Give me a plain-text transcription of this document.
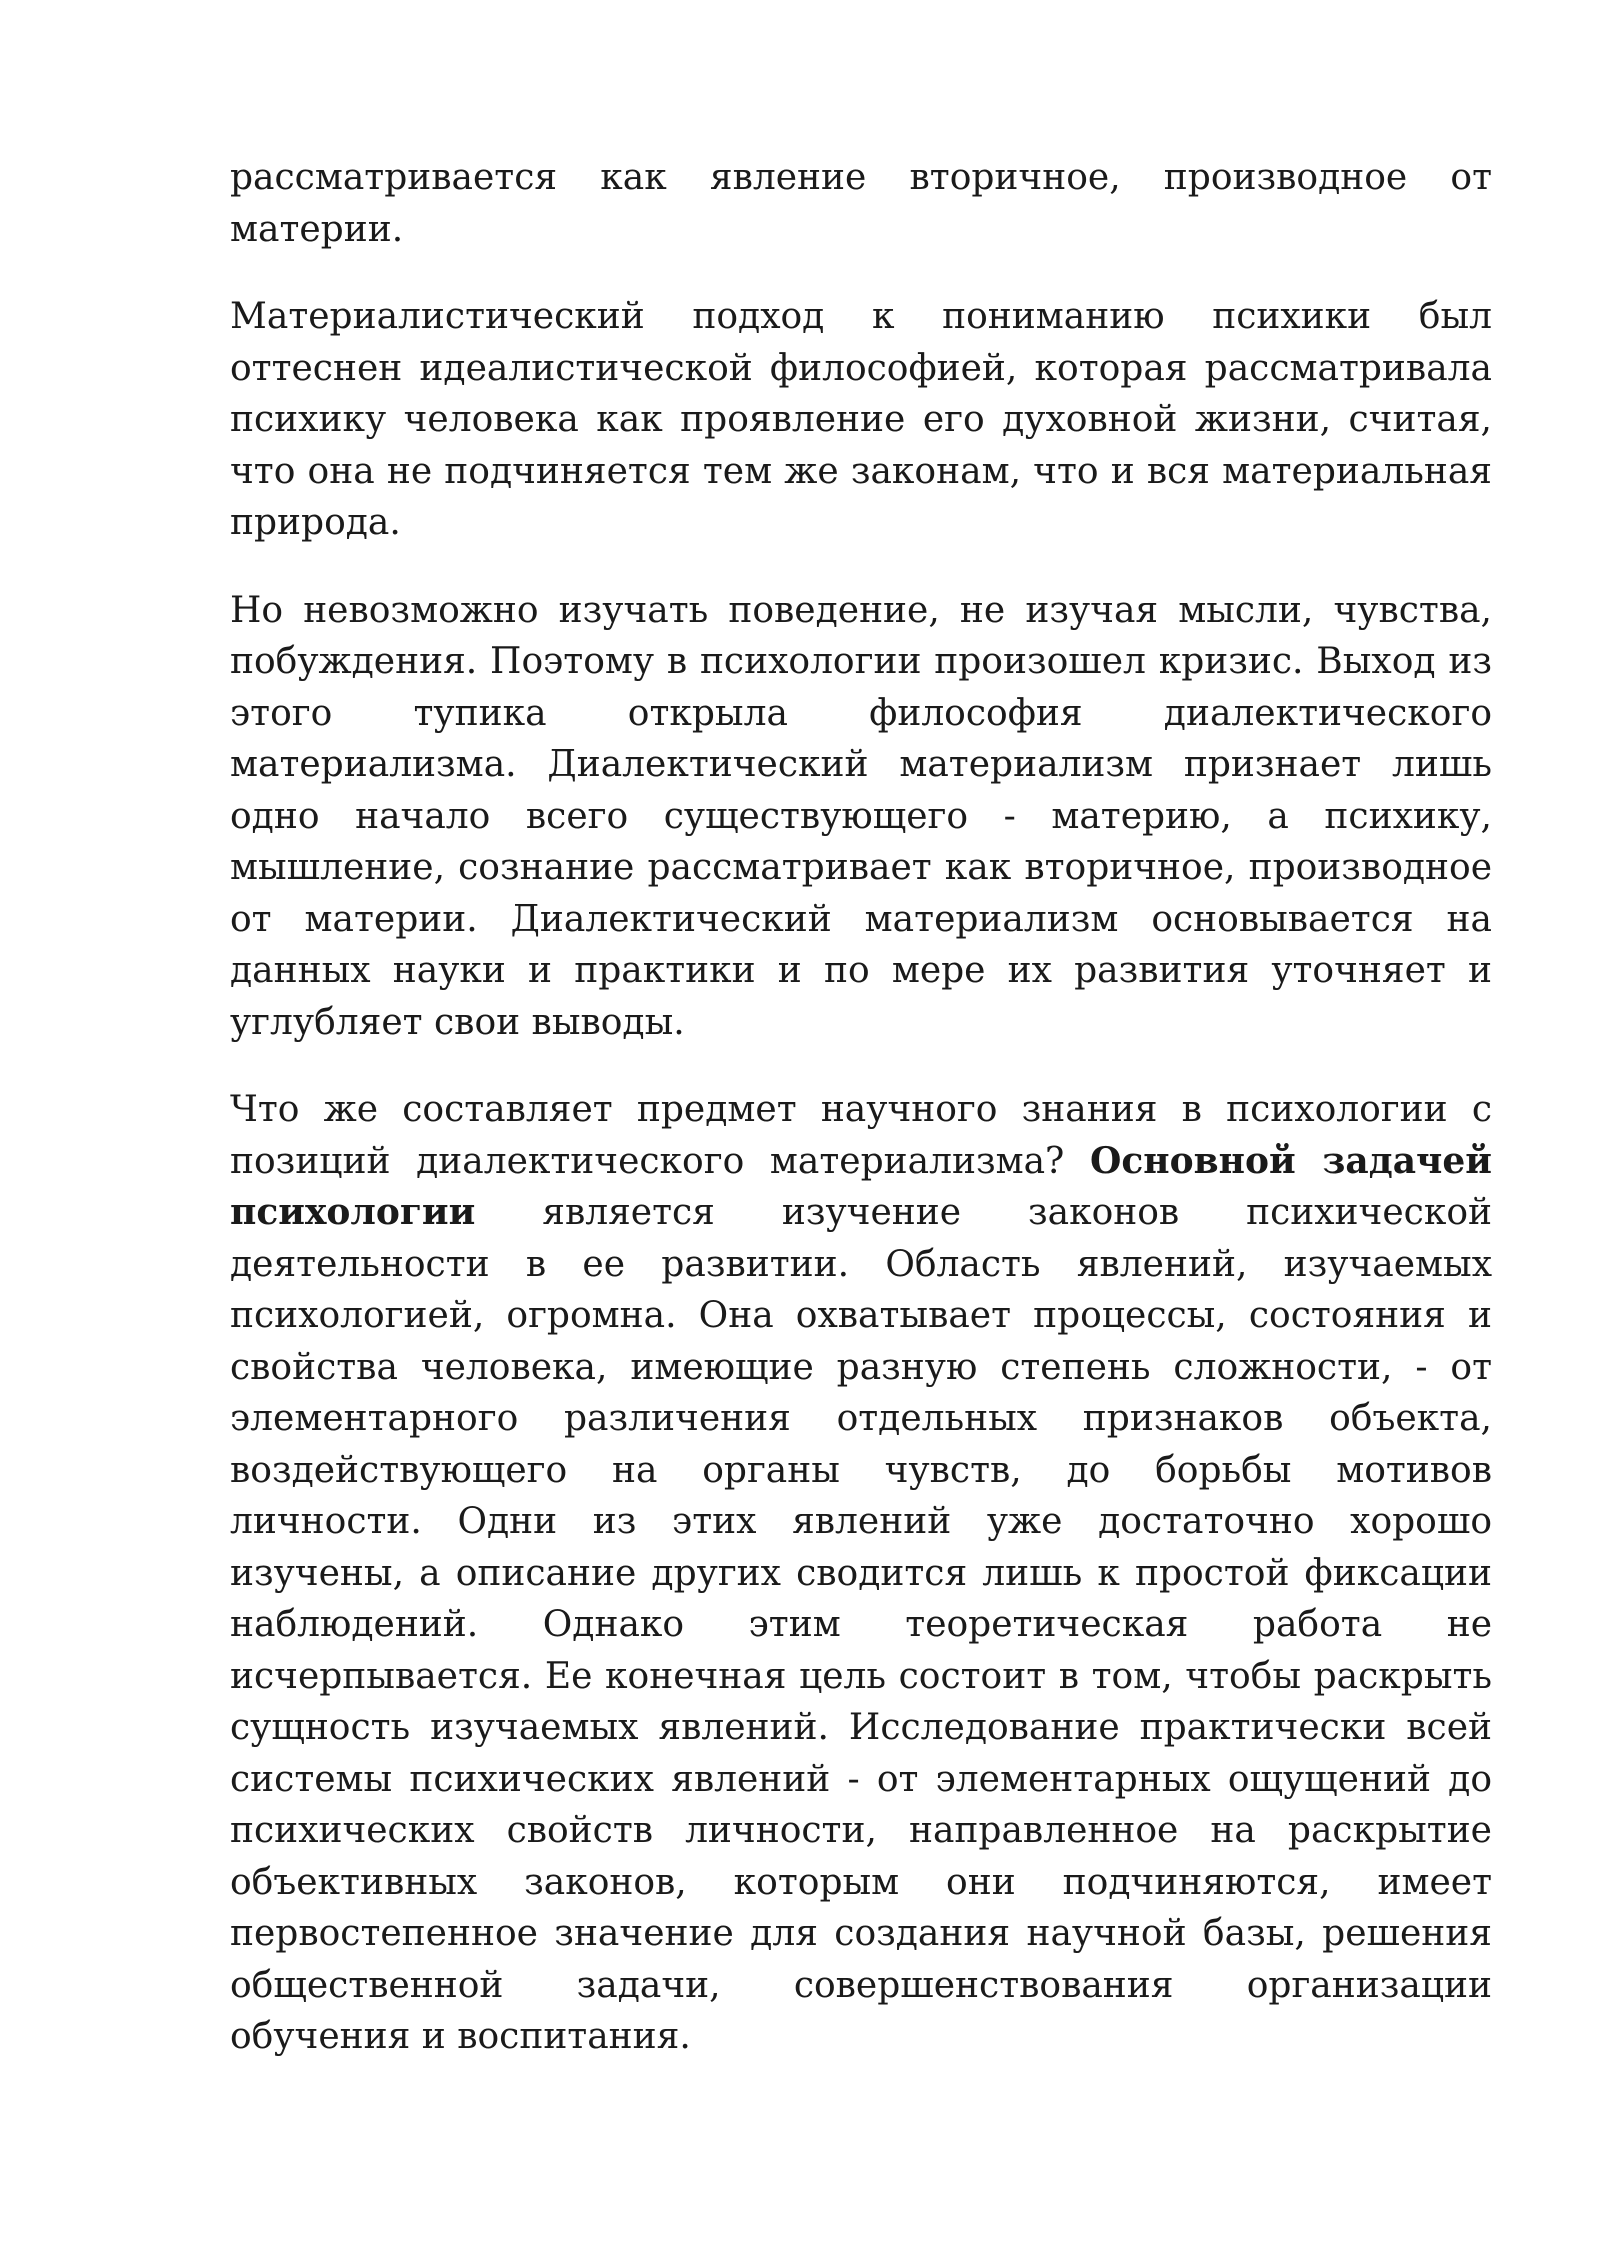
рассматривается как явление вторичное, производное от материи.

Материалистический подход к пониманию психики был оттеснен идеалистической философией, которая рассматривала психику человека как проявление его духовной жизни, считая, что она не подчиняется тем же законам, что и вся материальная природа.

Но невозможно изучать поведение, не изучая мысли, чувства, побуждения. Поэтому в психологии произошел кризис. Выход из этого тупика открыла философия диалектического материализма. Диалектический материализм признает лишь одно начало всего существующего - материю, а психику, мышление, сознание рассматривает как вторичное, производное от материи. Диалектический материализм основывается на данных науки и практики и по мере их развития уточняет и углубляет свои выводы.

Что же составляет предмет научного знания в психологии с позиций диалектического материализма? Основной задачей психологии является изучение законов психической деятельности в ее развитии. Область явлений, изучаемых психологией, огромна. Она охватывает процессы, состояния и свойства человека, имеющие разную степень сложности, - от элементарного различения отдельных признаков объекта, воздействующего на органы чувств, до борьбы мотивов личности. Одни из этих явлений уже достаточно хорошо изучены, а описание других сводится лишь к простой фиксации наблюдений. Однако этим теоретическая работа не исчерпывается. Ее конечная цель состоит в том, чтобы раскрыть сущность изучаемых явлений. Исследование практически всей системы психических явлений - от элементарных ощущений до психических свойств личности, направленное на раскрытие объективных законов, которым они подчиняются, имеет первостепенное значение для создания научной базы, решения общественной задачи, совершенствования организации обучения и воспитания.
